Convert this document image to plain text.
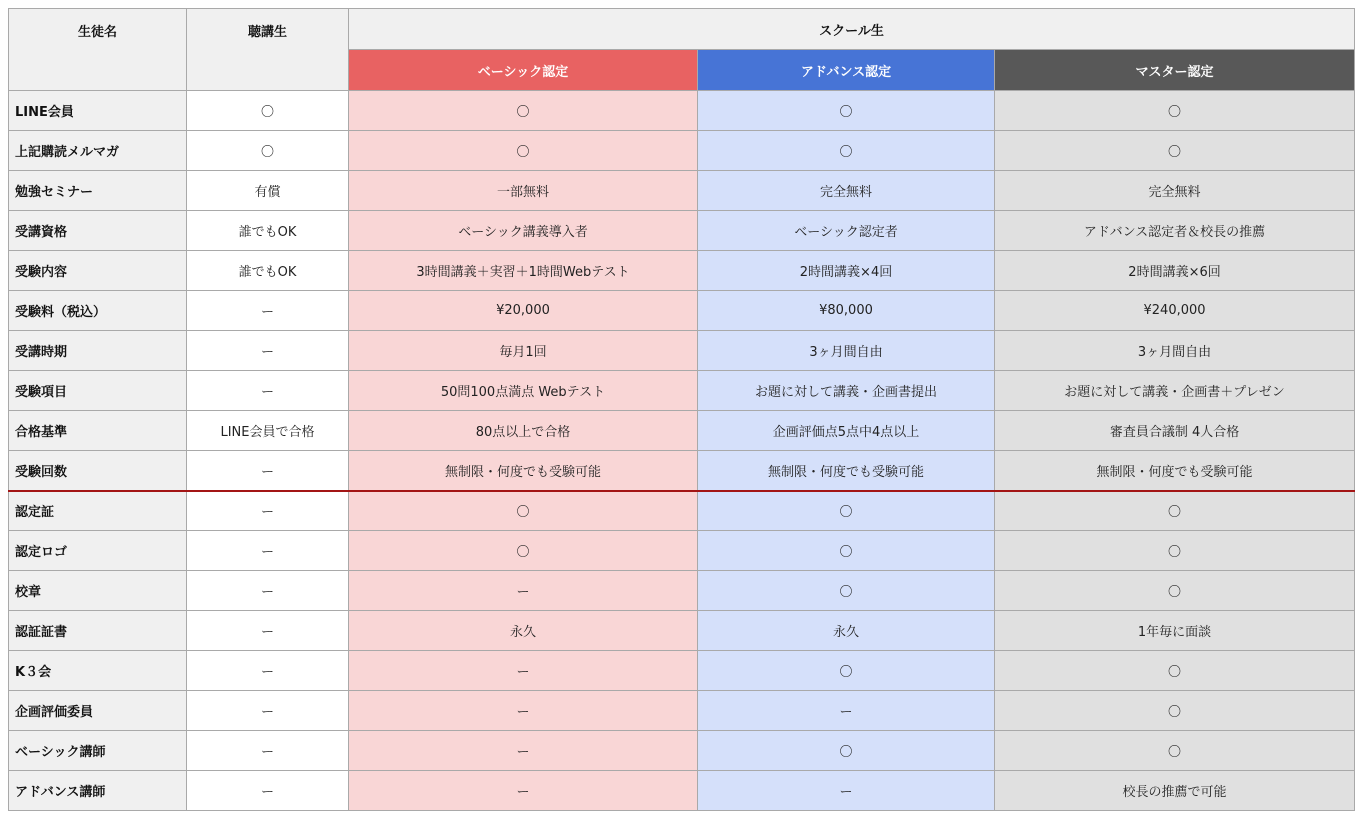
生徒名	聴講生	スクール生		
		ベーシック認定	アドバンス認定	マスター認定
LINE会員	〇	〇	〇	〇
上記購読メルマガ	〇	〇	〇	〇
勉強セミナー	有償	一部無料	完全無料	完全無料
受講資格	誰でもOK	ベーシック講義導入者	ベーシック認定者	アドバンス認定者＆校長の推薦
受験内容	誰でもOK	3時間講義＋実習＋1時間Webテスト	2時間講義×4回	2時間講義×6回
受験料（税込）	ー	¥20,000	¥80,000	¥240,000
受講時期	ー	毎月1回	3ヶ月間自由	3ヶ月間自由
受験項目	ー	50問100点満点 Webテスト	お題に対して講義・企画書提出	お題に対して講義・企画書＋プレゼン
合格基準	LINE会員で合格	80点以上で合格	企画評価点5点中4点以上	審査員合議制 4人合格
受験回数	ー	無制限・何度でも受験可能	無制限・何度でも受験可能	無制限・何度でも受験可能
認定証	ー	〇	〇	〇
認定ロゴ	ー	〇	〇	〇
校章	ー	ー	〇	〇
認証証書	ー	永久	永久	1年毎に面談
K３会	ー	ー	〇	〇
企画評価委員	ー	ー	ー	〇
ベーシック講師	ー	ー	〇	〇
アドバンス講師	ー	ー	ー	校長の推薦で可能
